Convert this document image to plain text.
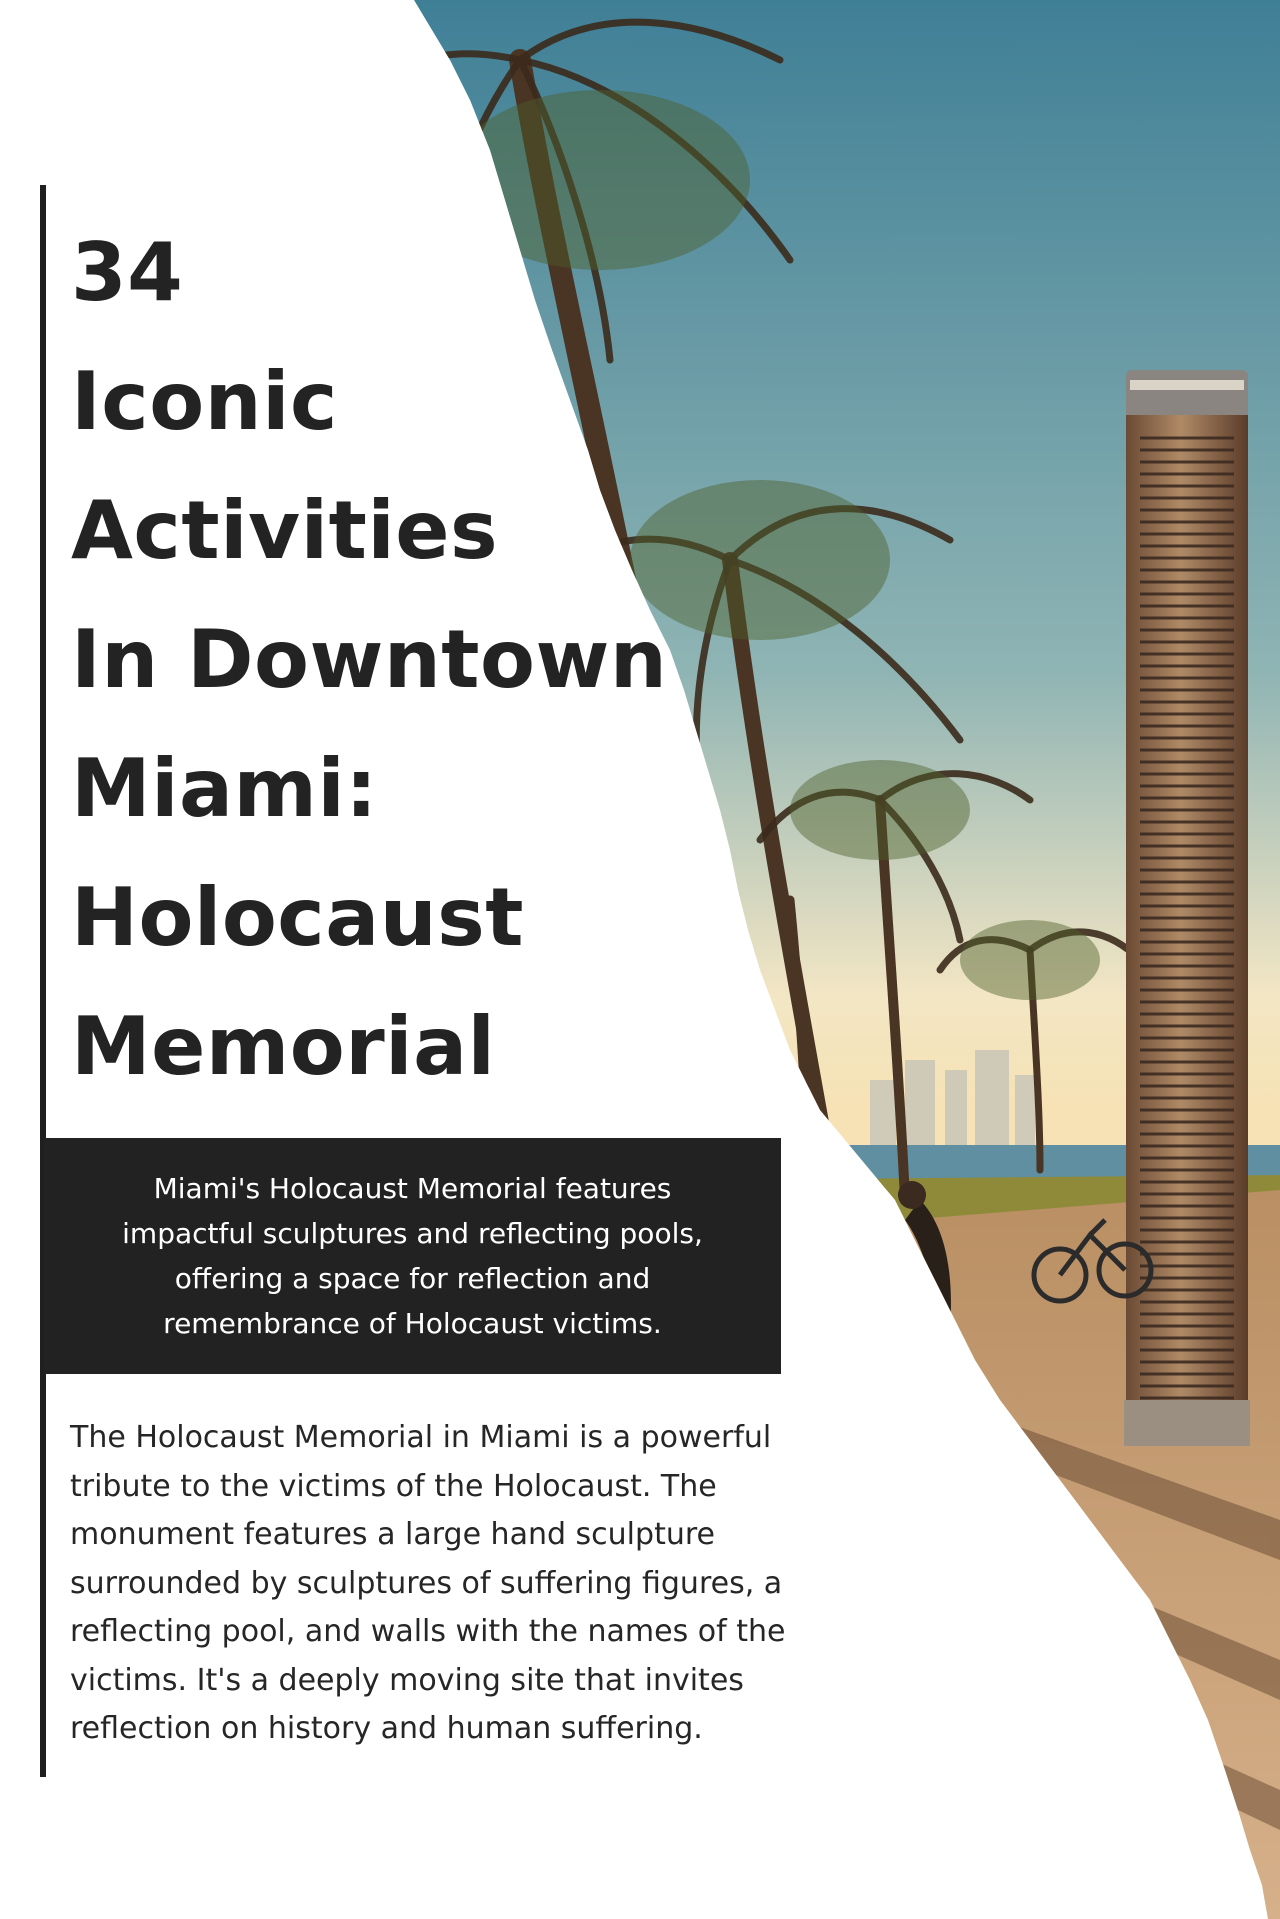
34
Iconic
Activities
In Downtown
Miami:
Holocaust
Memorial

Miami's Holocaust Memorial features
impactful sculptures and reflecting pools,
offering a space for reflection and
remembrance of Holocaust victims.

The Holocaust Memorial in Miami is a powerful
tribute to the victims of the Holocaust. The
monument features a large hand sculpture
surrounded by sculptures of suffering figures, a
reflecting pool, and walls with the names of the
victims. It's a deeply moving site that invites
reflection on history and human suffering.
